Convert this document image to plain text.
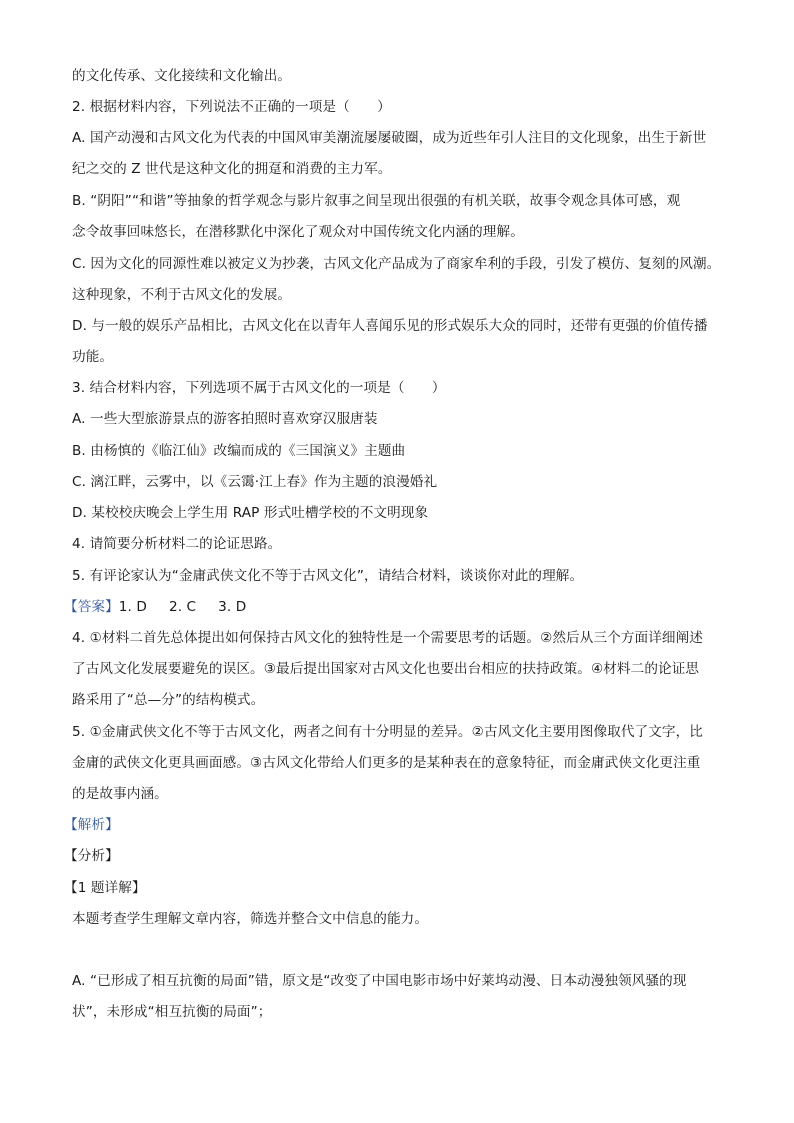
的文化传承、文化接续和文化输出。
2. 根据材料内容，下列说法不正确的一项是（　　）
A. 国产动漫和古风文化为代表的中国风审美潮流屡屡破圈，成为近些年引人注目的文化现象，出生于新世
纪之交的 Z 世代是这种文化的拥趸和消费的主力军。
B. “阴阳”“和谐”等抽象的哲学观念与影片叙事之间呈现出很强的有机关联，故事令观念具体可感，观
念令故事回味悠长，在潜移默化中深化了观众对中国传统文化内涵的理解。
C. 因为文化的同源性难以被定义为抄袭，古风文化产品成为了商家牟利的手段，引发了模仿、复刻的风潮。
这种现象，不利于古风文化的发展。
D. 与一般的娱乐产品相比，古风文化在以青年人喜闻乐见的形式娱乐大众的同时，还带有更强的价值传播
功能。
3. 结合材料内容，下列选项不属于古风文化的一项是（　　）
A. 一些大型旅游景点的游客拍照时喜欢穿汉服唐装
B. 由杨慎的《临江仙》改编而成的《三国演义》主题曲
C. 漓江畔，云雾中，以《云霭·江上春》作为主题的浪漫婚礼
D. 某校校庆晚会上学生用 RAP 形式吐槽学校的不文明现象
4. 请简要分析材料二的论证思路。
5. 有评论家认为“金庸武侠文化不等于古风文化”，请结合材料，谈谈你对此的理解。
【答案】1. D 2. C 3. D
4. ①材料二首先总体提出如何保持古风文化的独特性是一个需要思考的话题。②然后从三个方面详细阐述
了古风文化发展要避免的误区。③最后提出国家对古风文化也要出台相应的扶持政策。④材料二的论证思
路采用了“总—分”的结构模式。
5. ①金庸武侠文化不等于古风文化，两者之间有十分明显的差异。②古风文化主要用图像取代了文字，比
金庸的武侠文化更具画面感。③古风文化带给人们更多的是某种表在的意象特征，而金庸武侠文化更注重
的是故事内涵。
【解析】
【分析】
【1 题详解】
本题考查学生理解文章内容，筛选并整合文中信息的能力。
A. “已形成了相互抗衡的局面”错，原文是“改变了中国电影市场中好莱坞动漫、日本动漫独领风骚的现
状”，未形成“相互抗衡的局面”；
